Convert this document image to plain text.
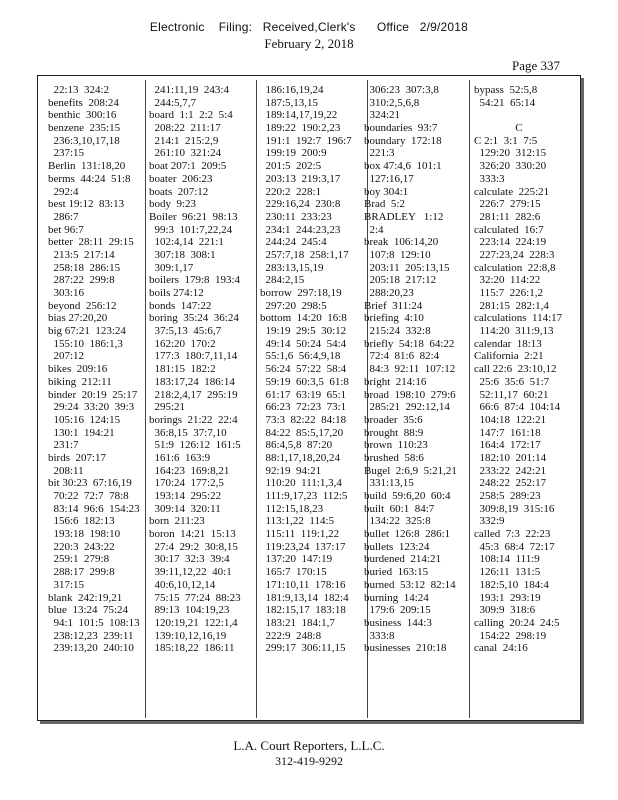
Electronic    Filing:   Received,Clerk's      Office   2/9/2018
February 2, 2018
Page 337
22:13  324:2
benefits  208:24
benthic  300:16
benzene  235:15
236:3,10,17,18
237:15
Berlin  131:18,20
berms  44:24  51:8
292:4
best 19:12  83:13
286:7
bet 96:7
better  28:11  29:15
213:5  217:14
258:18  286:15
287:22  299:8
303:16
beyond  256:12
bias 27:20,20
big 67:21  123:24
155:10  186:1,3
207:12
bikes  209:16
biking  212:11
binder  20:19  25:17
29:24  33:20  39:3
105:16  124:15
130:1  194:21
231:7
birds  207:17
208:11
bit 30:23  67:16,19
70:22  72:7  78:8
83:14  96:6  154:23
156:6  182:13
193:18  198:10
220:3  243:22
259:1  279:8
288:17  299:8
317:15
blank  242:19,21
blue  13:24  75:24
94:1  101:5  108:13
238:12,23  239:11
239:13,20  240:10
241:11,19  243:4
244:5,7,7
board  1:1  2:2  5:4
208:22  211:17
214:1  215:2,9
261:10  321:24
boat 207:1  209:5
boater  206:23
boats  207:12
body  9:23
Boiler  96:21  98:13
99:3  101:7,22,24
102:4,14  221:1
307:18  308:1
309:1,17
boilers  179:8  193:4
boils 274:12
bonds  147:22
boring  35:24  36:24
37:5,13  45:6,7
162:20  170:2
177:3  180:7,11,14
181:15  182:2
183:17,24  186:14
218:2,4,17  295:19
295:21
borings  21:22  22:4
36:8,15  37:7,10
51:9  126:12  161:5
161:6  163:9
164:23  169:8,21
170:24  177:2,5
193:14  295:22
309:14  320:11
born  211:23
boron  14:21  15:13
27:4  29:2  30:8,15
30:17  32:3  39:4
39:11,12,22  40:1
40:6,10,12,14
75:15  77:24  88:23
89:13  104:19,23
120:19,21  122:1,4
139:10,12,16,19
185:18,22  186:11
186:16,19,24
187:5,13,15
189:14,17,19,22
189:22  190:2,23
191:1  192:7  196:7
199:19  200:9
201:5  202:5
203:13  219:3,17
220:2  228:1
229:16,24  230:8
230:11  233:23
234:1  244:23,23
244:24  245:4
257:7,18  258:1,17
283:13,15,19
284:2,15
borrow  297:18,19
297:20  298:5
bottom  14:20  16:8
19:19  29:5  30:12
49:14  50:24  54:4
55:1,6  56:4,9,18
56:24  57:22  58:4
59:19  60:3,5  61:8
61:17  63:19  65:1
66:23  72:23  73:1
73:3  82:22  84:18
84:22  85:5,17,20
86:4,5,8  87:20
88:1,17,18,20,24
92:19  94:21
110:20  111:1,3,4
111:9,17,23  112:5
112:15,18,23
113:1,22  114:5
115:11  119:1,22
119:23,24  137:17
137:20  147:19
165:7  170:15
171:10,11  178:16
181:9,13,14  182:4
182:15,17  183:18
183:21  184:1,7
222:9  248:8
299:17  306:11,15
306:23  307:3,8
310:2,5,6,8
324:21
boundaries  93:7
boundary  172:18
221:3
box 47:4,6  101:1
127:16,17
boy 304:1
Brad  5:2
BRADLEY   1:12
2:4
break  106:14,20
107:8  129:10
203:11  205:13,15
205:18  217:12
288:20,23
Brief  311:24
briefing  4:10
215:24  332:8
briefly  54:18  64:22
72:4  81:6  82:4
84:3  92:11  107:12
bright  214:16
broad  198:10  279:6
285:21  292:12,14
broader  35:6
brought  88:9
brown  110:23
brushed  58:6
Bugel  2:6,9  5:21,21
331:13,15
build  59:6,20  60:4
built  60:1  84:7
134:22  325:8
bullet  126:8  286:1
bullets  123:24
burdened  214:21
buried  163:15
burned  53:12  82:14
burning  14:24
179:6  209:15
business  144:3
333:8
businesses  210:18
bypass  52:5,8
54:21  65:14
C
C 2:1  3:1  7:5
129:20  312:15
326:20  330:20
333:3
calculate  225:21
226:7  279:15
281:11  282:6
calculated  16:7
223:14  224:19
227:23,24  228:3
calculation  22:8,8
32:20  114:22
115:7  226:1,2
281:15  282:1,4
calculations  114:17
114:20  311:9,13
calendar  18:13
California  2:21
call 22:6  23:10,12
25:6  35:6  51:7
52:11,17  60:21
66:6  87:4  104:14
104:18  122:21
147:7  161:18
164:4  172:17
182:10  201:14
233:22  242:21
248:22  252:17
258:5  289:23
309:8,19  315:16
332:9
called  7:3  22:23
45:3  68:4  72:17
108:14  111:9
126:11  131:5
182:5,10  184:4
193:1  293:19
309:9  318:6
calling  20:24  24:5
154:22  298:19
canal  24:16
L.A. Court Reporters, L.L.C.
312-419-9292
